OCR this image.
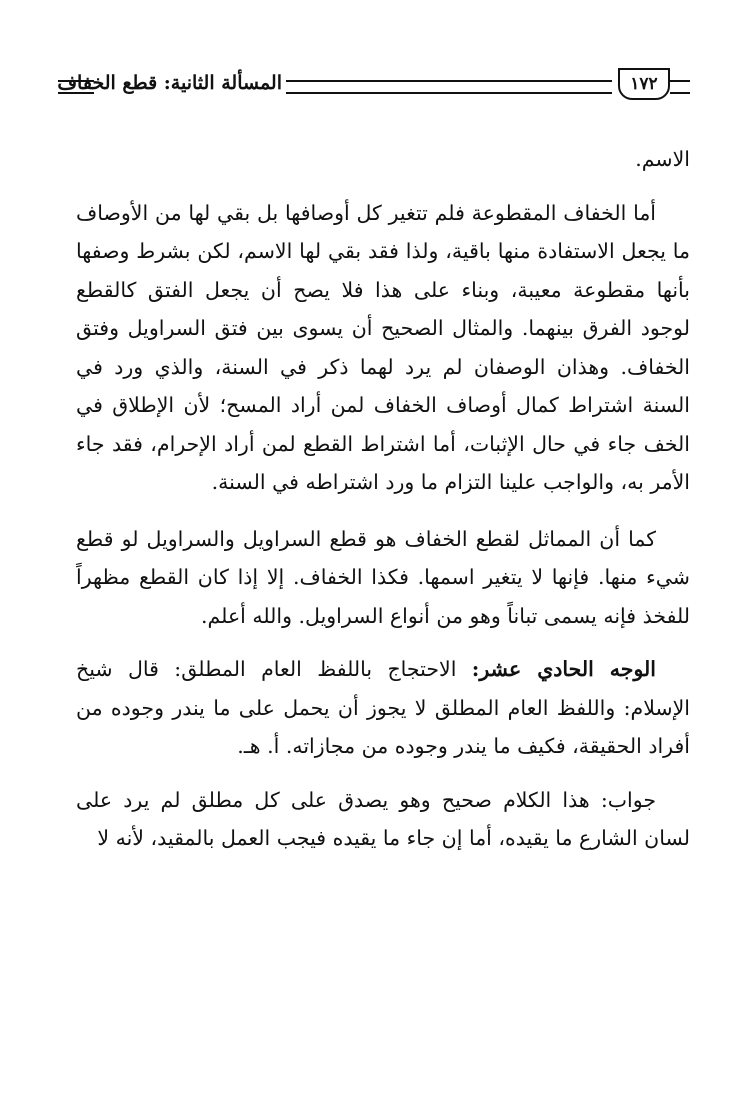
المسألة الثانية: قطع الخفاف	١٧٢

الاسم.

أما الخفاف المقطوعة فلم تتغير كل أوصافها بل بقي لها من الأوصاف ما يجعل الاستفادة منها باقية، ولذا فقد بقي لها الاسم، لكن بشرط وصفها بأنها مقطوعة معيبة، وبناء على هذا فلا يصح أن يجعل الفتق كالقطع لوجود الفرق بينهما. والمثال الصحيح أن يسوى بين فتق السراويل وفتق الخفاف. وهذان الوصفان لم يرد لهما ذكر في السنة، والذي ورد في السنة اشتراط كمال أوصاف الخفاف لمن أراد المسح؛ لأن الإطلاق في الخف جاء في حال الإثبات، أما اشتراط القطع لمن أراد الإحرام، فقد جاء الأمر به، والواجب علينا التزام ما ورد اشتراطه في السنة.

كما أن المماثل لقطع الخفاف هو قطع السراويل والسراويل لو قطع شيء منها. فإنها لا يتغير اسمها. فكذا الخفاف. إلا إذا كان القطع مظهراً للفخذ فإنه يسمى تباناً وهو من أنواع السراويل. والله أعلم.

الوجه الحادي عشر: الاحتجاج باللفظ العام المطلق: قال شيخ الإسلام: واللفظ العام المطلق لا يجوز أن يحمل على ما يندر وجوده من أفراد الحقيقة، فكيف ما يندر وجوده من مجازاته. أ. هـ.

جواب: هذا الكلام صحيح وهو يصدق على كل مطلق لم يرد على لسان الشارع ما يقيده، أما إن جاء ما يقيده فيجب العمل بالمقيد، لأنه لا
